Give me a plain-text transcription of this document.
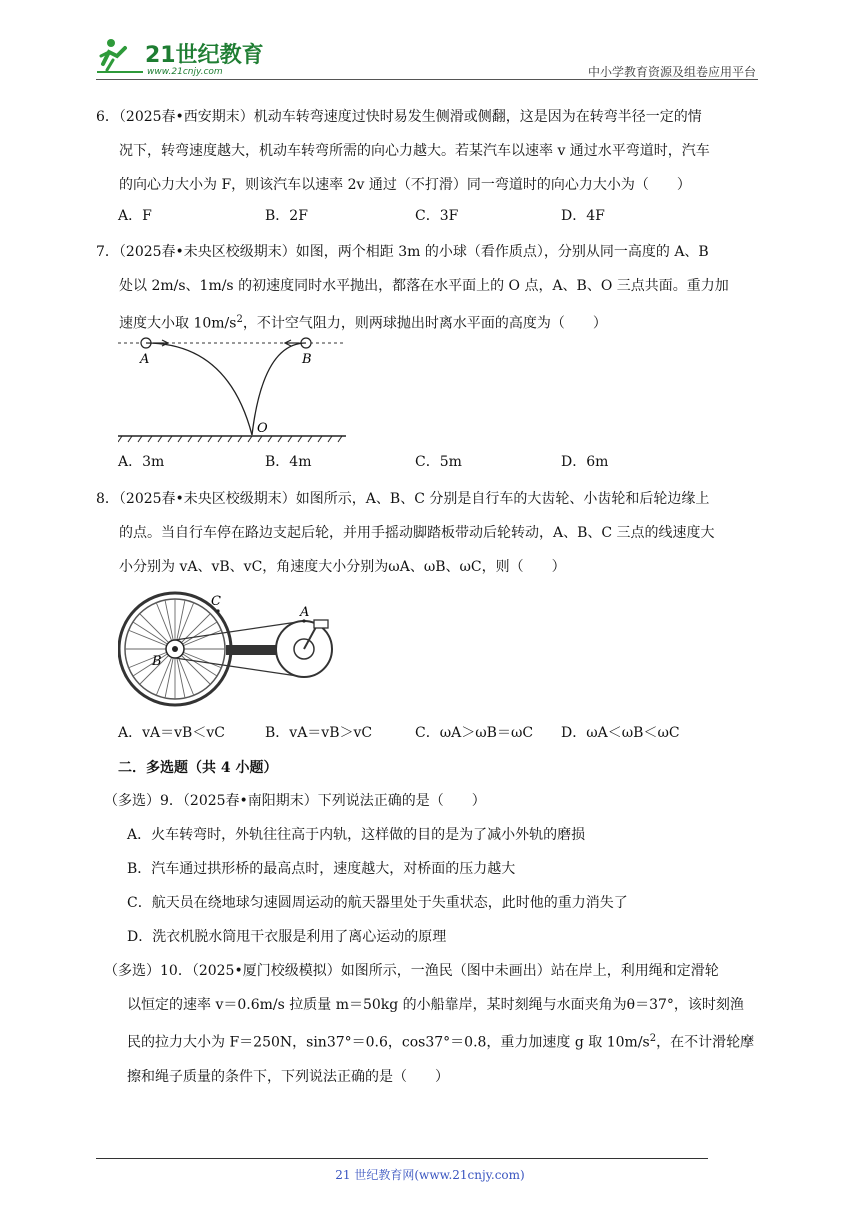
21世纪教育
www.21cnjy.com	中小学教育资源及组卷应用平台

6．（2025春•西安期末）机动车转弯速度过快时易发生侧滑或侧翻，这是因为在转弯半径一定的情

况下，转弯速度越大，机动车转弯所需的向心力越大。若某汽车以速率 v 通过水平弯道时，汽车

的向心力大小为 F，则该汽车以速率 2v 通过（不打滑）同一弯道时的向心力大小为（　　）

A．F	B．2F	C．3F	D．4F

7．（2025春•未央区校级期末）如图，两个相距 3m 的小球（看作质点），分别从同一高度的 A、B

处以 2m/s、1m/s 的初速度同时水平抛出，都落在水平面上的 O 点，A、B、O 三点共面。重力加

速度大小取 $10m/s^2$，不计空气阻力，则两球抛出时离水平面的高度为（　　）

A	B
O
A．3m	B．4m	C．5m	D．6m

8．（2025春•未央区校级期末）如图所示，A、B、C 分别是自行车的大齿轮、小齿轮和后轮边缘上

的点。当自行车停在路边支起后轮，并用手摇动脚踏板带动后轮转动，A、B、C 三点的线速度大

小分别为 vA、vB、vC，角速度大小分别为ωA、ωB、ωC，则（　　）

C
A
B
A．vA＝vB＜vC	B．vA＝vB＞vC	C．ωA＞ωB＝ωC D．ωA＜ωB＜ωC
二．多选题（共 4 小题）

（多选）9．（2025春•南阳期末）下列说法正确的是（　　）

A．火车转弯时，外轨往往高于内轨，这样做的目的是为了减小外轨的磨损

B．汽车通过拱形桥的最高点时，速度越大，对桥面的压力越大

C．航天员在绕地球匀速圆周运动的航天器里处于失重状态，此时他的重力消失了

D．洗衣机脱水筒甩干衣服是利用了离心运动的原理

（多选）10．（2025•厦门校级模拟）如图所示，一渔民（图中未画出）站在岸上，利用绳和定滑轮

以恒定的速率 v＝0.6m/s 拉质量 m＝50kg 的小船靠岸，某时刻绳与水面夹角为θ＝37°，该时刻渔

民的拉力大小为 F＝250N，sin37°＝0.6，cos37°＝0.8，重力加速度 g 取 $10m/s^2$，在不计滑轮摩

擦和绳子质量的条件下，下列说法正确的是（　　）

21 世纪教育网(www.21cnjy.com)
